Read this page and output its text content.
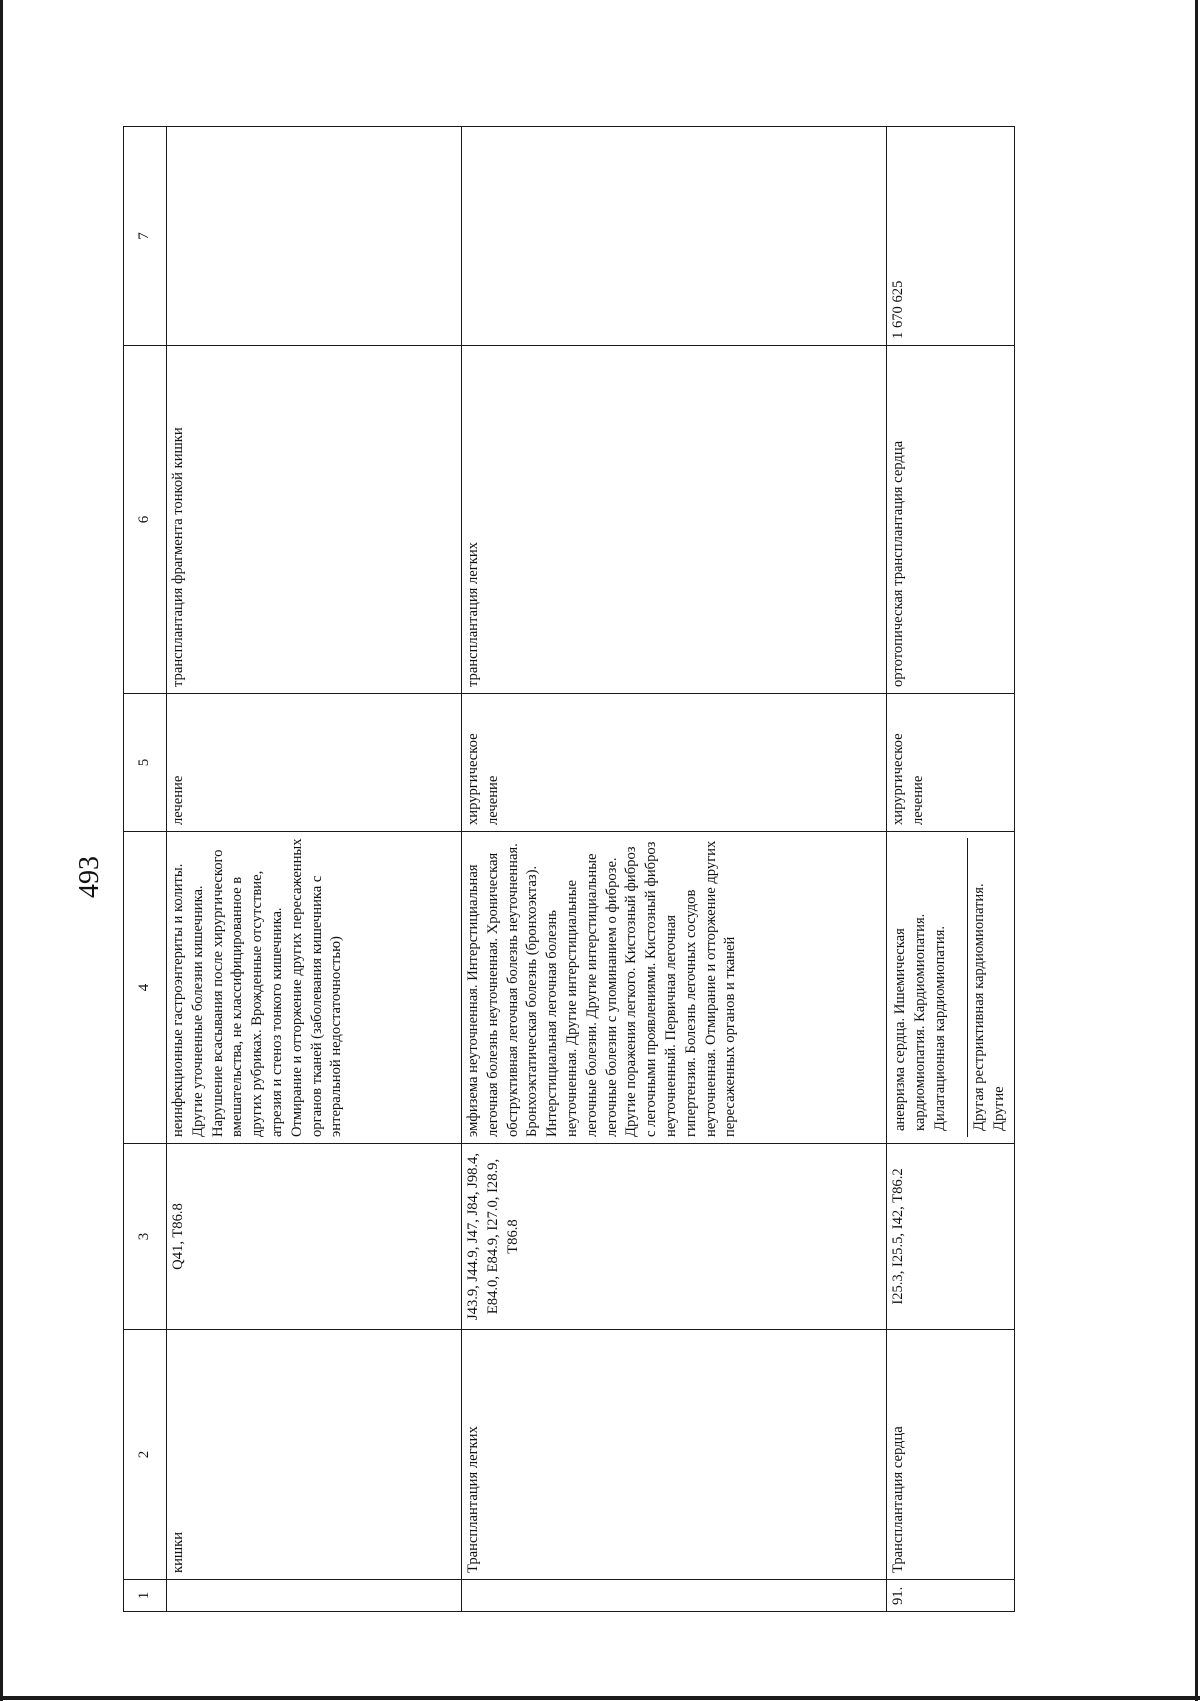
493
1	2	3	4	5	6	7
	кишки	Q41, T86.8	неинфекционные гастроэнтериты и колиты. Другие уточненные болезни кишечника. Нарушение всасывания после хирургического вмешательства, не классифицированное в других рубриках. Врожденные отсутствие, атрезия и стеноз тонкого кишечника. Отмирание и отторжение других пересаженных органов тканей (заболевания кишечника с энтеральной недостаточностью)	лечение	трансплантация фрагмента тонкой кишки	
	Трансплантация легких	J43.9, J44.9, J47, J84, J98.4, E84.0, E84.9, I27.0, I28.9, T86.8	эмфизема неуточненная. Интерстициальная легочная болезнь неуточненная. Хроническая обструктивная легочная болезнь неуточненная. Бронхоэктатическая болезнь (бронхоэктаз). Интерстициальная легочная болезнь неуточненная. Другие интерстициальные легочные болезни. Другие интерстициальные легочные болезни с упоминанием о фиброзе. Другие поражения легкого. Кистозный фиброз с легочными проявлениями. Кистозный фиброз неуточненный. Первичная легочная гипертензия. Болезнь легочных сосудов неуточненная. Отмирание и отторжение других пересаженных органов и тканей	хирургическое лечение	трансплантация легких	
91.	Трансплантация сердца	I25.3, I25.5, I42, T86.2	аневризма сердца. Ишемическая кардиомиопатия. Кардиомиопатия. Дилатационная кардиомиопатия. Другая рестриктивная кардиомиопатия. Другие	хирургическое лечение	ортотопическая трансплантация сердца	1 670 625
